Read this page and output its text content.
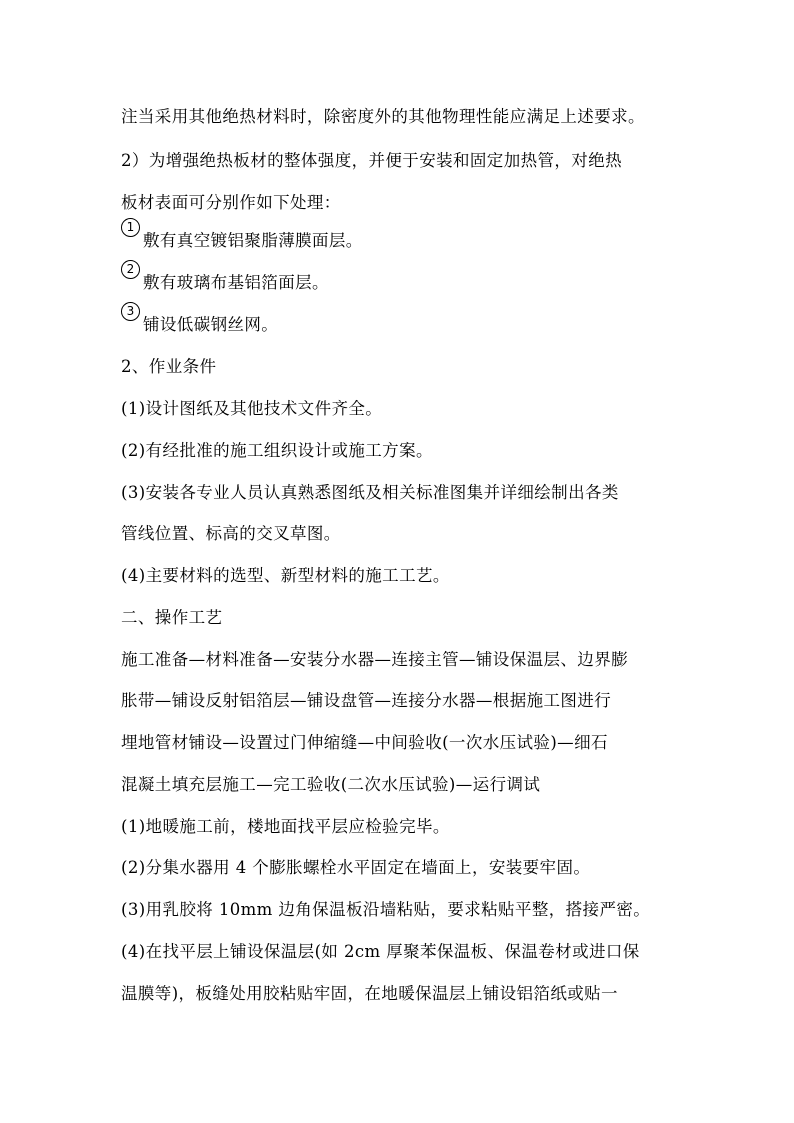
注当采用其他绝热材料时，除密度外的其他物理性能应满足上述要求。
2）为增强绝热板材的整体强度，并便于安装和固定加热管，对绝热
板材表面可分别作如下处理：
1
敷有真空镀铝聚脂薄膜面层。
2
敷有玻璃布基铝箔面层。
3
铺设低碳钢丝网。
2、作业条件
(1)设计图纸及其他技术文件齐全。
(2)有经批准的施工组织设计或施工方案。
(3)安装各专业人员认真熟悉图纸及相关标准图集并详细绘制出各类
管线位置、标高的交叉草图。
(4)主要材料的选型、新型材料的施工工艺。
二、操作工艺
施工准备—材料准备—安装分水器—连接主管—铺设保温层、边界膨
胀带—铺设反射铝箔层—铺设盘管—连接分水器—根据施工图进行
埋地管材铺设—设置过门伸缩缝—中间验收(一次水压试验)—细石
混凝土填充层施工—完工验收(二次水压试验)—运行调试
(1)地暖施工前，楼地面找平层应检验完毕。
(2)分集水器用 4 个膨胀螺栓水平固定在墙面上，安装要牢固。
(3)用乳胶将 10mm 边角保温板沿墙粘贴，要求粘贴平整，搭接严密。
(4)在找平层上铺设保温层(如 2cm 厚聚苯保温板、保温卷材或进口保
温膜等)，板缝处用胶粘贴牢固，在地暖保温层上铺设铝箔纸或贴一
